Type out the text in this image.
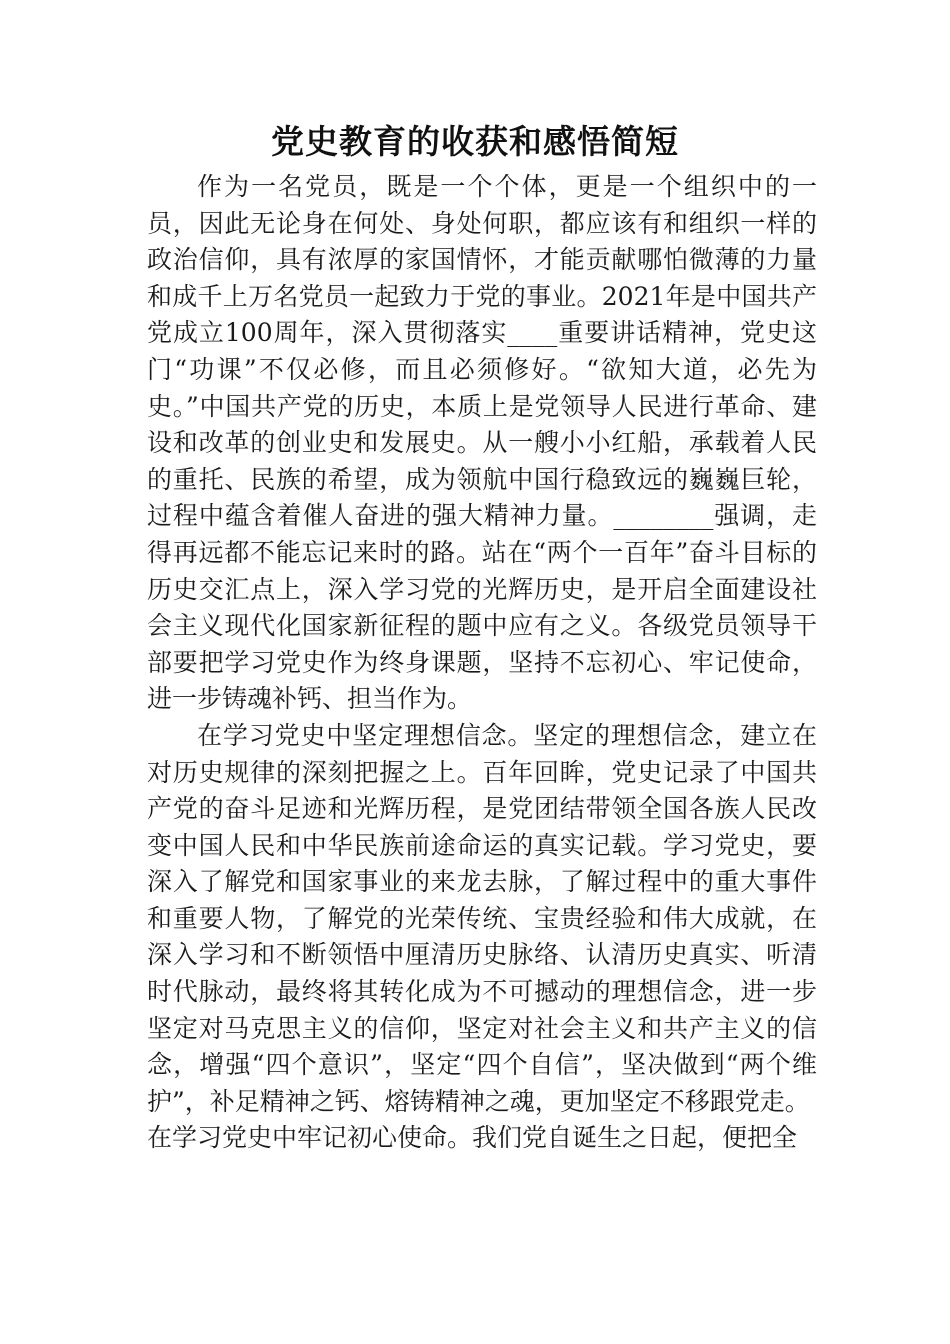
党史教育的收获和感悟简短

作为一名党员，既是一个个体，更是一个组织中的一员，因此无论身在何处、身处何职，都应该有和组织一样的政治信仰，具有浓厚的家国情怀，才能贡献哪怕微薄的力量和成千上万名党员一起致力于党的事业。2021年是中国共产党成立100周年，深入贯彻落实____重要讲话精神，党史这门“功课”不仅必修，而且必须修好。“欲知大道，必先为史。”中国共产党的历史，本质上是党领导人民进行革命、建设和改革的创业史和发展史。从一艘小小红船，承载着人民的重托、民族的希望，成为领航中国行稳致远的巍巍巨轮，过程中蕴含着催人奋进的强大精神力量。________强调，走得再远都不能忘记来时的路。站在“两个一百年”奋斗目标的历史交汇点上，深入学习党的光辉历史，是开启全面建设社会主义现代化国家新征程的题中应有之义。各级党员领导干部要把学习党史作为终身课题，坚持不忘初心、牢记使命，进一步铸魂补钙、担当作为。

在学习党史中坚定理想信念。坚定的理想信念，建立在对历史规律的深刻把握之上。百年回眸，党史记录了中国共产党的奋斗足迹和光辉历程，是党团结带领全国各族人民改变中国人民和中华民族前途命运的真实记载。学习党史，要深入了解党和国家事业的来龙去脉，了解过程中的重大事件和重要人物，了解党的光荣传统、宝贵经验和伟大成就，在深入学习和不断领悟中厘清历史脉络、认清历史真实、听清时代脉动，最终将其转化成为不可撼动的理想信念，进一步坚定对马克思主义的信仰，坚定对社会主义和共产主义的信念，增强“四个意识”，坚定“四个自信”，坚决做到“两个维护”，补足精神之钙、熔铸精神之魂，更加坚定不移跟党走。

在学习党史中牢记初心使命。我们党自诞生之日起，便把全
